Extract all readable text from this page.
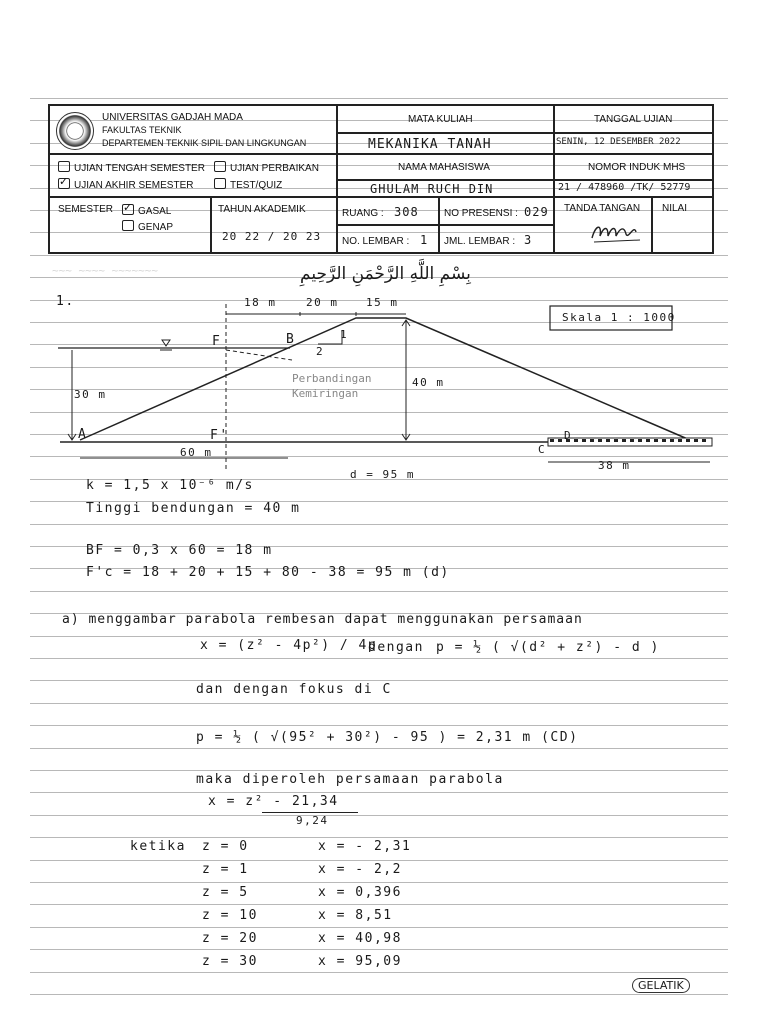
UNIVERSITAS GADJAH MADA
FAKULTAS TEKNIK
DEPARTEMEN TEKNIK SIPIL DAN LINGKUNGAN
UJIAN TENGAH SEMESTER
✓UJIAN AKHIR SEMESTER
UJIAN PERBAIKAN
TEST/QUIZ
SEMESTER
✓	GASAL
GENAP
TAHUN AKADEMIK
20 22 / 20 23
MATA KULIAH
MEKANIKA TANAH
NAMA MAHASISWA
GHULAM RUCH DIN
RUANG : 308	NO PRESENSI : 029
NO. LEMBAR : 1 JML. LEMBAR : 3
TANGGAL UJIAN
SENIN, 12 DESEMBER 2022
NOMOR INDUK MHS
21 / 478960 /TK/ 52779
TANDA TANGAN NILAI
~~~ ~~~~ ~~~~~~~	بِسْمِ اللَّهِ الرَّحْمَنِ الرَّحِيمِ
1.	18 m	20 m	15 m
Skala 1 : 1000
F	B	1
2
Perbandingan
Kemiringan
30 m
40 m
A	F'
C
D
60 m
38 m
d = 95 m
k = 1,5 x 10⁻⁶ m/s
Tinggi bendungan = 40 m
BF = 0,3 x 60 = 18 m
F'c = 18 + 20 + 15 + 80 - 38 = 95 m (d)
a) menggambar parabola rembesan dapat menggunakan persamaan
x = (z² - 4p²) / 4p
dengan p = ½ ( √(d² + z²) - d )
dan dengan fokus di C
p = ½ ( √(95² + 30²) - 95 ) = 2,31 m (CD)
maka diperoleh persamaan parabola
x = z² - 21,34
9,24
ketika z = 0	x = - 2,31
z = 1	x = - 2,2
z = 5	x = 0,396
z = 10	x = 8,51
z = 20	x = 40,98
z = 30	x = 95,09
GELATIK
